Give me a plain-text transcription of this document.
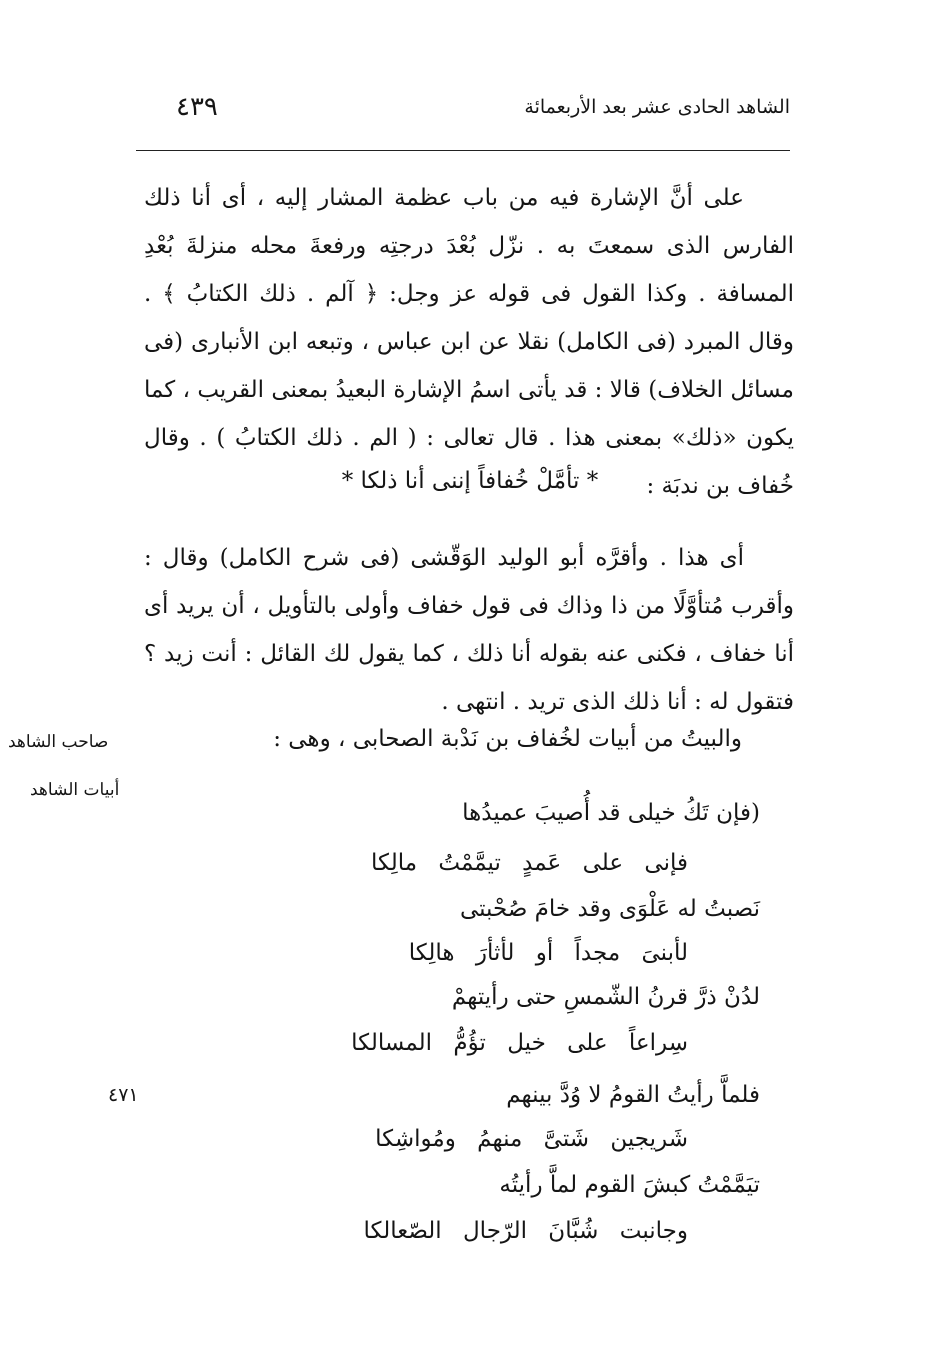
الشاهد الحادى عشر بعد الأربعمائة
٤٣٩

على أنَّ الإشارة فيه من باب عظمة المشار إليه ، أى أنا ذلك الفارس الذى سمعتَ به . نزّل بُعْدَ درجتِه ورفعةَ محله منزلةَ بُعْدِ المسافة . وكذا القول فى قوله عز وجل: ﴿ آلم . ذلك الكتابُ ﴾ . وقال المبرد (فى الكامل) نقلا عن ابن عباس ، وتبعه ابن الأنبارى (فى مسائل الخلاف) قالا : قد يأتى اسمُ الإشارة البعيدُ بمعنى القريب ، كما يكون «ذلك» بمعنى هذا . قال تعالى : ( الم . ذلك الكتابُ ) . وقال خُفاف بن ندبَة :

* تأمَّلْ خُفافاً إننى أنا ذلكا *

أى هذا . وأقرَّه أبو الوليد الوَقّشى (فى شرح الكامل) وقال : وأقرب مُتأوَّلًا من ذا وذاك فى قول خفاف وأولى بالتأويل ، أن يريد أى أنا خفاف ، فكنى عنه بقوله أنا ذلك ، كما يقول لك القائل : أنت زيد ؟ فتقول له : أنا ذلك الذى تريد . انتهى .

والبيتُ من أبيات لخُفاف بن نَدْبة الصحابى ، وهى :
صاحب الشاهد
أبيات الشاهد
٤٧١
(فإن تَكُ خيلى قد أُصيبَ عميدُها
فإنى على عَمدٍ تيمَّمْتُ مالِكا
نَصبتُ له عَلْوَى وقد خامَ صُحْبتى
لأبنىَ مجداً أو لأثأرَ هالِكا
لدُنْ ذرَّ قرنُ الشّمسِ حتى رأيتهمْ
سِراعاً على خيل تؤُمُّ المسالكا
فلماَّ رأيتُ القومُ لا وُدَّ بينهم
شَريجين شَتىَّ منهمُ ومُواشِكا
تيَمَّمْتُ كبشَ القوم لماَّ رأيتُه
وجانبت شُبَّانَ الرّجال الصّعالكا
